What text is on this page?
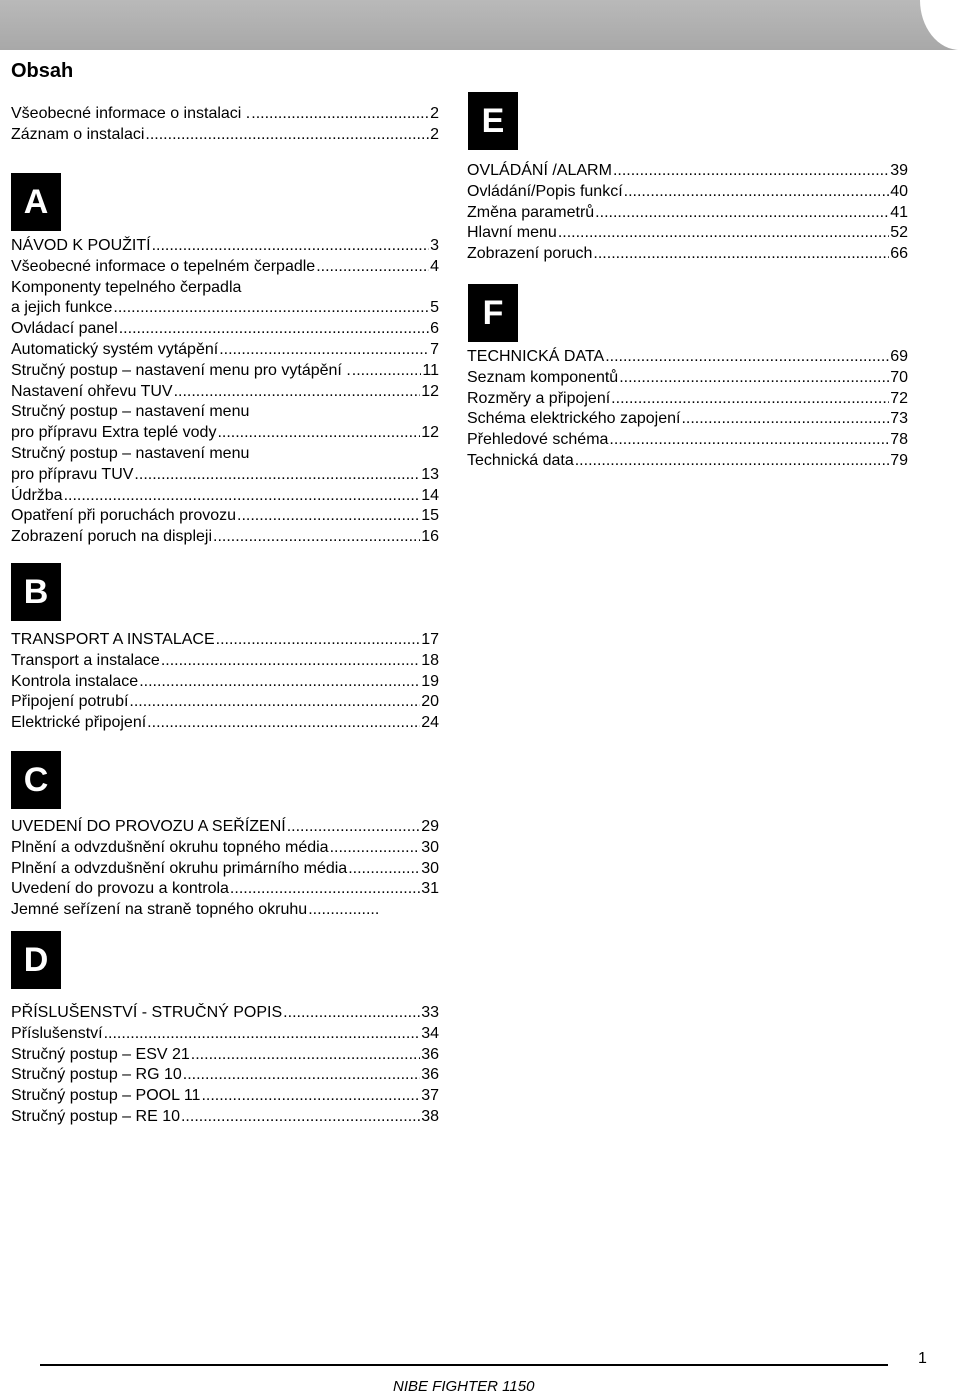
Obsah
Všeobecné informace o instalaci . .....	2
Záznam o instalaci .....	2
A
NÁVOD K POUŽITÍ .....	3
Všeobecné informace o tepelném čerpadle .....	4
Komponenty tepelného čerpadla
a jejich funkce .....	5
Ovládací panel .....	6
Automatický systém vytápění .....	7
Stručný postup – nastavení menu pro vytápění . .....	11
Nastavení ohřevu TUV .....	12
Stručný postup – nastavení menu
pro přípravu Extra teplé vody .....	12
Stručný postup – nastavení menu
pro přípravu TUV .....	13
Údržba .....	14
Opatření při poruchách provozu .....	15
Zobrazení poruch na displeji .....	16
B
TRANSPORT A INSTALACE .....	17
Transport a instalace .....	18
Kontrola instalace .....	19
Připojení potrubí .....	20
Elektrické připojení .....	24
C
UVEDENÍ DO PROVOZU A SEŘÍZENÍ .....	29
Plnění a odvzdušnění okruhu topného média .....	30
Plnění a odvzdušnění okruhu primárního média .....	30
Uvedení do provozu a kontrola .....	31
Jemné seřízení na straně topného okruhu
.....
D
PŘÍSLUŠENSTVÍ - STRUČNÝ POPIS .....	33
Příslušenství .....	34
Stručný postup – ESV 21 .....	36
Stručný postup – RG 10 .....	36
Stručný postup – POOL 11 .....	37
Stručný postup – RE 10 .....	38
E
OVLÁDÁNÍ /ALARM .....	39
Ovládání/Popis funkcí .....	40
Změna parametrů .....	41
Hlavní menu .....	52
Zobrazení poruch .....	66
F
TECHNICKÁ DATA .....	69
Seznam komponentů .....	70
Rozměry a připojení .....	72
Schéma elektrického zapojení .....	73
Přehledové schéma .....	78
Technická data .....	79
1
NIBE FIGHTER 1150
